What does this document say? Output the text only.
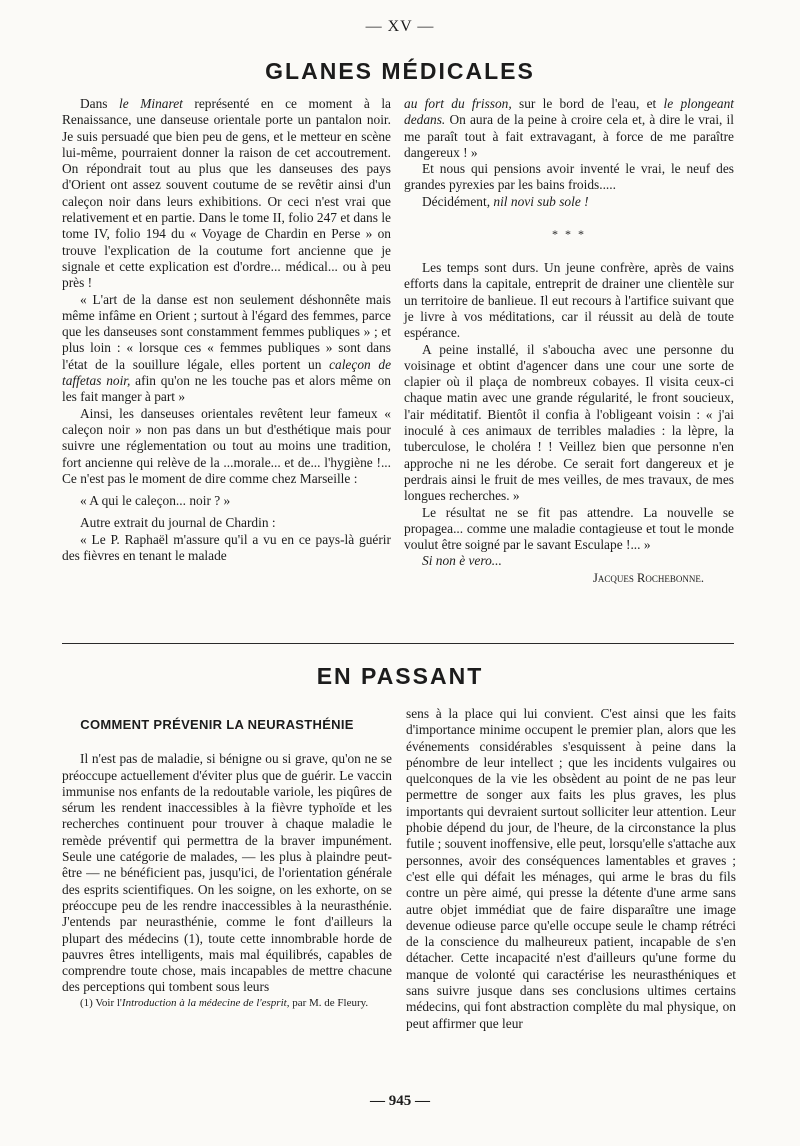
— XV —
GLANES MÉDICALES

Dans le Minaret représenté en ce moment à la Renaissance, une danseuse orientale porte un pantalon noir. Je suis persuadé que bien peu de gens, et le metteur en scène lui-même, pourraient donner la raison de cet accoutrement. On répondrait tout au plus que les danseuses des pays d'Orient ont assez souvent coutume de se revêtir ainsi d'un caleçon noir dans leurs exhibitions. Or ceci n'est vrai que relativement et en partie. Dans le tome II, folio 247 et dans le tome IV, folio 194 du « Voyage de Chardin en Perse » on trouve l'explication de la coutume fort ancienne que je signale et cette explication est d'ordre... médical... ou à peu près !

« L'art de la danse est non seulement déshonnête mais même infâme en Orient ; surtout à l'égard des femmes, parce que les danseuses sont constamment femmes publiques » ; et plus loin : « lorsque ces « femmes publiques » sont dans l'état de la souillure légale, elles portent un caleçon de taffetas noir, afin qu'on ne les touche pas et alors même on les fait manger à part »

Ainsi, les danseuses orientales revêtent leur fameux « caleçon noir » non pas dans un but d'esthétique mais pour suivre une réglementation ou tout au moins une tradition, fort ancienne qui relève de la ...morale... et de... l'hygiène !... Ce n'est pas le moment de dire comme chez Marseille :

« A qui le caleçon... noir ? »

Autre extrait du journal de Chardin :

« Le P. Raphaël m'assure qu'il a vu en ce pays-là guérir des fièvres en tenant le malade

au fort du frisson, sur le bord de l'eau, et le plongeant dedans. On aura de la peine à croire cela et, à dire le vrai, il me paraît tout à fait extravagant, à force de me paraître dangereux ! »

Et nous qui pensions avoir inventé le vrai, le neuf des grandes pyrexies par les bains froids.....

Décidément, nil novi sub sole !

* * *

Les temps sont durs. Un jeune confrère, après de vains efforts dans la capitale, entreprit de drainer une clientèle sur un territoire de banlieue. Il eut recours à l'artifice suivant que je livre à vos méditations, car il réussit au delà de toute espérance.

A peine installé, il s'aboucha avec une personne du voisinage et obtint d'agencer dans une cour une sorte de clapier où il plaça de nombreux cobayes. Il visita ceux-ci chaque matin avec une grande régularité, le front soucieux, l'air méditatif. Bientôt il confia à l'obligeant voisin : « j'ai inoculé à ces animaux de terribles maladies : la lèpre, la tuberculose, le choléra ! ! Veillez bien que personne n'en approche ni ne les dérobe. Ce serait fort dangereux et je perdrais ainsi le fruit de mes veilles, de mes travaux, de mes longues recherches. »

Le résultat ne se fit pas attendre. La nouvelle se propagea... comme une maladie contagieuse et tout le monde voulut être soigné par le savant Esculape !... »

Si non è vero...

Jacques Rochebonne.

EN PASSANT
COMMENT PRÉVENIR LA NEURASTHÉNIE

Il n'est pas de maladie, si bénigne ou si grave, qu'on ne se préoccupe actuellement d'éviter plus que de guérir. Le vaccin immunise nos enfants de la redoutable variole, les piqûres de sérum les rendent inaccessibles à la fièvre typhoïde et les recherches continuent pour trouver à chaque maladie le remède préventif qui permettra de la braver impunément. Seule une catégorie de malades, — les plus à plaindre peut-être — ne bénéficient pas, jusqu'ici, de l'orientation générale des esprits scientifiques. On les soigne, on les exhorte, on se préoccupe peu de les rendre inaccessibles à la neurasthénie. J'entends par neurasthénie, comme le font d'ailleurs la plupart des médecins (1), toute cette innombrable horde de pauvres êtres intelligents, mais mal équilibrés, capables de comprendre toute chose, mais incapables de mettre chacune des perceptions qui tombent sous leurs

(1) Voir l'Introduction à la médecine de l'esprit, par M. de Fleury.

sens à la place qui lui convient. C'est ainsi que les faits d'importance minime occupent le premier plan, alors que les événements considérables s'esquissent à peine dans la pénombre de leur intellect ; que les incidents vulgaires ou quelconques de la vie les obsèdent au point de ne pas leur permettre de songer aux faits les plus graves, les plus importants qui devraient surtout solliciter leur attention. Leur phobie dépend du jour, de l'heure, de la circonstance la plus futile ; souvent inoffensive, elle peut, lorsqu'elle s'attache aux personnes, avoir des conséquences lamentables et graves ; c'est elle qui défait les ménages, qui arme le bras du fils contre un père aimé, qui presse la détente d'une arme sans autre objet immédiat que de faire disparaître une image devenue odieuse parce qu'elle occupe seule le champ rétréci de la conscience du malheureux patient, incapable de s'en détacher. Cette incapacité n'est d'ailleurs qu'une forme du manque de volonté qui caractérise les neurasthéniques et sans suivre jusque dans ses conclusions ultimes certains médecins, qui font abstraction complète du mal physique, on peut affirmer que leur

— 945 —
